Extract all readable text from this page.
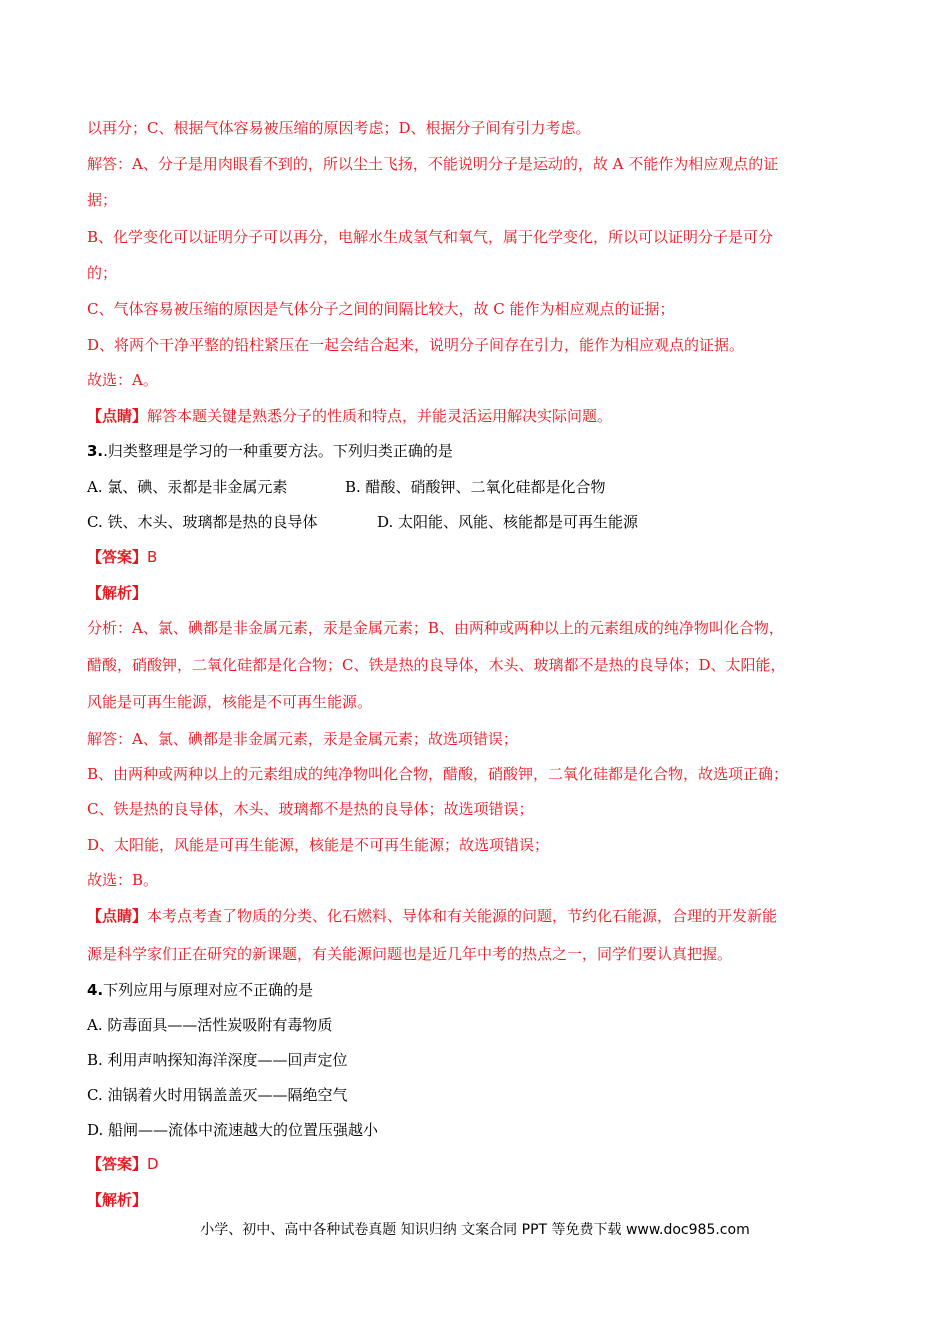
以再分；C、根据气体容易被压缩的原因考虑；D、根据分子间有引力考虑。
解答：A、分子是用肉眼看不到的，所以尘土飞扬，不能说明分子是运动的，故 A 不能作为相应观点的证
据；
B、化学变化可以证明分子可以再分，电解水生成氢气和氧气，属于化学变化，所以可以证明分子是可分
的；
C、气体容易被压缩的原因是气体分子之间的间隔比较大，故 C 能作为相应观点的证据；
D、将两个干净平整的铅柱紧压在一起会结合起来，说明分子间存在引力，能作为相应观点的证据。
故选：A。
【点睛】解答本题关键是熟悉分子的性质和特点，并能灵活运用解决实际问题。
3..归类整理是学习的一种重要方法。下列归类正确的是
A. 氯、碘、汞都是非金属元素	B. 醋酸、硝酸钾、二氧化硅都是化合物
C. 铁、木头、玻璃都是热的良导体	D. 太阳能、风能、核能都是可再生能源
【答案】B
【解析】
分析：A、氯、碘都是非金属元素，汞是金属元素；B、由两种或两种以上的元素组成的纯净物叫化合物，
醋酸，硝酸钾，二氧化硅都是化合物；C、铁是热的良导体，木头、玻璃都不是热的良导体；D、太阳能，
风能是可再生能源，核能是不可再生能源。
解答：A、氯、碘都是非金属元素，汞是金属元素；故选项错误；
B、由两种或两种以上的元素组成的纯净物叫化合物，醋酸，硝酸钾，二氧化硅都是化合物，故选项正确；
C、铁是热的良导体，木头、玻璃都不是热的良导体；故选项错误；
D、太阳能，风能是可再生能源，核能是不可再生能源；故选项错误；
故选：B。
【点睛】本考点考查了物质的分类、化石燃料、导体和有关能源的问题，节约化石能源，合理的开发新能
源是科学家们正在研究的新课题，有关能源问题也是近几年中考的热点之一，同学们要认真把握。
4.下列应用与原理对应不正确的是
A. 防毒面具——活性炭吸附有毒物质
B. 利用声呐探知海洋深度——回声定位
C. 油锅着火时用锅盖盖灭——隔绝空气
D. 船闸——流体中流速越大的位置压强越小
【答案】D
【解析】
小学、初中、高中各种试卷真题 知识归纳 文案合同 PPT 等免费下载 www.doc985.com
